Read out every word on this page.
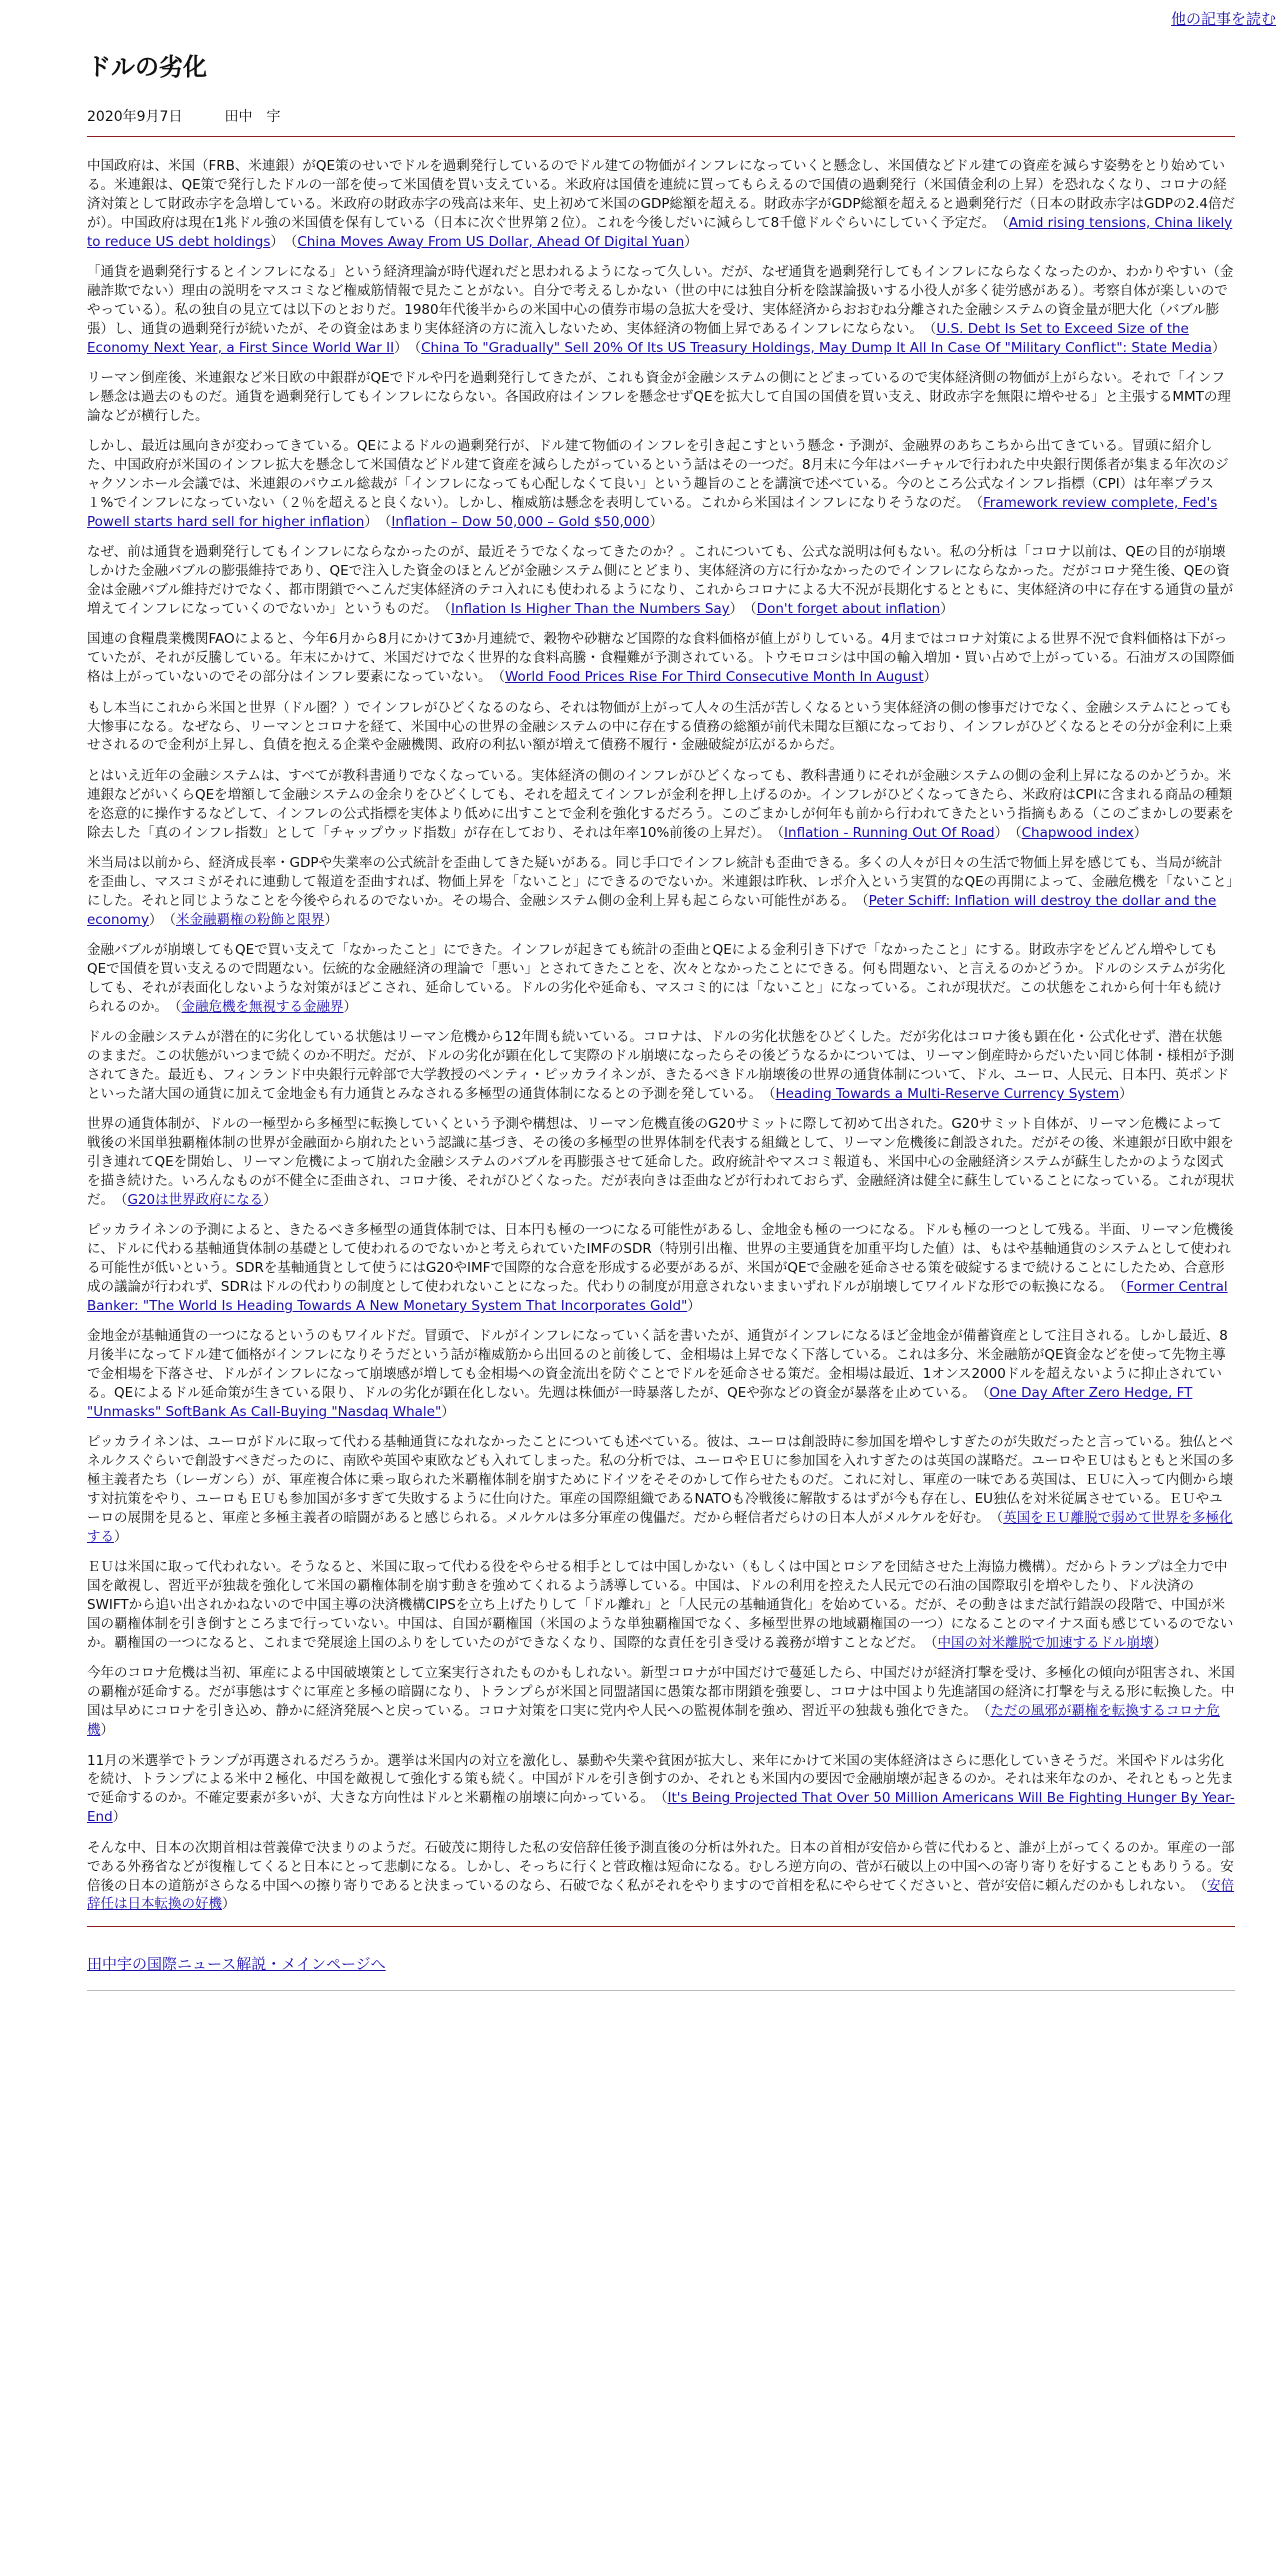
他の記事を読む
ドルの劣化
2020年9月7日　　　	田中　宇

中国政府は、米国（FRB、米連銀）がQE策のせいでドルを過剰発行しているのでドル建ての物価がインフレになっていくと懸念し、米国債などドル建ての資産を減らす姿勢をとり始めている。米連銀は、QE策で発行したドルの一部を使って米国債を買い支えている。米政府は国債を連続に買ってもらえるので国債の過剰発行（米国債金利の上昇）を恐れなくなり、コロナの経済対策として財政赤字を急増している。米政府の財政赤字の残高は来年、史上初めて米国のGDP総額を超える。財政赤字がGDP総額を超えると過剰発行だ（日本の財政赤字はGDPの2.4倍だが）。中国政府は現在1兆ドル強の米国債を保有している（日本に次ぐ世界第２位）。これを今後しだいに減らして8千億ドルぐらいにしていく予定だ。　（Amid rising tensions, China likely to reduce US debt holdings）　 （China Moves Away From US Dollar, Ahead Of Digital Yuan）

「通貨を過剰発行するとインフレになる」という経済理論が時代遅れだと思われるようになって久しい。だが、なぜ通貨を過剰発行してもインフレにならなくなったのか、わかりやすい（金融詐欺でない）理由の説明をマスコミなど権威筋情報で見たことがない。自分で考えるしかない（世の中には独自分析を陰謀論扱いする小役人が多く徒労感がある）。考察自体が楽しいのでやっている）。私の独自の見立ては以下のとおりだ。1980年代後半からの米国中心の債券市場の急拡大を受け、実体経済からおおむね分離された金融システムの資金量が肥大化（バブル膨張）し、通貨の過剰発行が続いたが、その資金はあまり実体経済の方に流入しないため、実体経済の物価上昇であるインフレにならない。　（U.S. Debt Is Set to Exceed Size of the Economy Next Year, a First Since World War II）　 （China To "Gradually" Sell 20% Of Its US Treasury Holdings, May Dump It All In Case Of "Military Conflict": State Media）

リーマン倒産後、米連銀など米日欧の中銀群がQEでドルや円を過剰発行してきたが、これも資金が金融システムの側にとどまっているので実体経済側の物価が上がらない。それで「インフレ懸念は過去のものだ。通貨を過剰発行してもインフレにならない。各国政府はインフレを懸念せずQEを拡大して自国の国債を買い支え、財政赤字を無限に増やせる」と主張するMMTの理論などが横行した。

しかし、最近は風向きが変わってきている。QEによるドルの過剰発行が、ドル建て物価のインフレを引き起こすという懸念・予測が、金融界のあちこちから出てきている。冒頭に紹介した、中国政府が米国のインフレ拡大を懸念して米国債などドル建て資産を減らしたがっているという話はその一つだ。8月末に今年はバーチャルで行われた中央銀行関係者が集まる年次のジャクソンホール会議では、米連銀のパウエル総裁が「インフレになっても心配しなくて良い」という趣旨のことを講演で述べている。今のところ公式なインフレ指標（CPI）は年率プラス１%でインフレになっていない（２％を超えると良くない）。しかし、権威筋は懸念を表明している。これから米国はインフレになりそうなのだ。　（Framework review complete, Fed's Powell starts hard sell for higher inflation）　 （Inflation – Dow 50,000 – Gold $50,000）

なぜ、前は通貨を過剰発行してもインフレにならなかったのが、最近そうでなくなってきたのか？。これについても、公式な説明は何もない。私の分析は「コロナ以前は、QEの目的が崩壊しかけた金融バブルの膨張維持であり、QEで注入した資金のほとんどが金融システム側にとどまり、実体経済の方に行かなかったのでインフレにならなかった。だがコロナ発生後、QEの資金は金融バブル維持だけでなく、都市閉鎖でへこんだ実体経済のテコ入れにも使われるようになり、これからコロナによる大不況が長期化するとともに、実体経済の中に存在する通貨の量が増えてインフレになっていくのでないか」というものだ。　（Inflation Is Higher Than the Numbers Say）　 （Don't forget about inflation）

国連の食糧農業機関FAOによると、今年6月から8月にかけて3か月連続で、穀物や砂糖など国際的な食料価格が値上がりしている。4月まではコロナ対策による世界不況で食料価格は下がっていたが、それが反騰している。年末にかけて、米国だけでなく世界的な食料高騰・食糧難が予測されている。トウモロコシは中国の輸入増加・買い占めで上がっている。石油ガスの国際価格は上がっていないのでその部分はインフレ要素になっていない。　（World Food Prices Rise For Third Consecutive Month In August）

もし本当にこれから米国と世界（ドル圏？）でインフレがひどくなるのなら、それは物価が上がって人々の生活が苦しくなるという実体経済の側の惨事だけでなく、金融システムにとっても大惨事になる。なぜなら、リーマンとコロナを経て、米国中心の世界の金融システムの中に存在する債務の総額が前代未聞な巨額になっており、インフレがひどくなるとその分が金利に上乗せされるので金利が上昇し、負債を抱える企業や金融機関、政府の利払い額が増えて債務不履行・金融破綻が広がるからだ。

とはいえ近年の金融システムは、すべてが教科書通りでなくなっている。実体経済の側のインフレがひどくなっても、教科書通りにそれが金融システムの側の金利上昇になるのかどうか。米連銀などがいくらQEを増額して金融システムの金余りをひどくしても、それを超えてインフレが金利を押し上げるのか。インフレがひどくなってきたら、米政府はCPIに含まれる商品の種類を恣意的に操作するなどして、インフレの公式指標を実体より低めに出すことで金利を強化するだろう。このごまかしが何年も前から行われてきたという指摘もある（このごまかしの要素を除去した「真のインフレ指数」として「チャップウッド指数」が存在しており、それは年率10%前後の上昇だ）。　（Inflation - Running Out Of Road）　 （Chapwood index）

米当局は以前から、経済成長率・GDPや失業率の公式統計を歪曲してきた疑いがある。同じ手口でインフレ統計も歪曲できる。多くの人々が日々の生活で物価上昇を感じても、当局が統計を歪曲し、マスコミがそれに連動して報道を歪曲すれば、物価上昇を「ないこと」にできるのでないか。米連銀は昨秋、レポ介入という実質的なQEの再開によって、金融危機を「ないこと」にした。それと同じようなことを今後やられるのでないか。その場合、金融システム側の金利上昇も起こらない可能性がある。　（Peter Schiff: Inflation will destroy the dollar and the economy）　 （米金融覇権の粉飾と限界）

金融バブルが崩壊してもQEで買い支えて「なかったこと」にできた。インフレが起きても統計の歪曲とQEによる金利引き下げで「なかったこと」にする。財政赤字をどんどん増やしてもQEで国債を買い支えるので問題ない。伝統的な金融経済の理論で「悪い」とされてきたことを、次々となかったことにできる。何も問題ない、と言えるのかどうか。ドルのシステムが劣化しても、それが表面化しないような対策がほどこされ、延命している。ドルの劣化や延命も、マスコミ的には「ないこと」になっている。これが現状だ。この状態をこれから何十年も続けられるのか。　（金融危機を無視する金融界）

ドルの金融システムが潜在的に劣化している状態はリーマン危機から12年間も続いている。コロナは、ドルの劣化状態をひどくした。だが劣化はコロナ後も顕在化・公式化せず、潜在状態のままだ。この状態がいつまで続くのか不明だ。だが、ドルの劣化が顕在化して実際のドル崩壊になったらその後どうなるかについては、リーマン倒産時からだいたい同じ体制・様相が予測されてきた。最近も、フィンランド中央銀行元幹部で大学教授のペンティ・ピッカライネンが、きたるべきドル崩壊後の世界の通貨体制について、ドル、ユーロ、人民元、日本円、英ポンドといった諸大国の通貨に加えて金地金も有力通貨とみなされる多極型の通貨体制になるとの予測を発している。　（Heading Towards a Multi-Reserve Currency System）

世界の通貨体制が、ドルの一極型から多極型に転換していくという予測や構想は、リーマン危機直後のG20サミットに際して初めて出された。G20サミット自体が、リーマン危機によって戦後の米国単独覇権体制の世界が金融面から崩れたという認識に基づき、その後の多極型の世界体制を代表する組織として、リーマン危機後に創設された。だがその後、米連銀が日欧中銀を引き連れてQEを開始し、リーマン危機によって崩れた金融システムのバブルを再膨張させて延命した。政府統計やマスコミ報道も、米国中心の金融経済システムが蘇生したかのような図式を描き続けた。いろんなものが不健全に歪曲され、コロナ後、それがひどくなった。だが表向きは歪曲などが行われておらず、金融経済は健全に蘇生していることになっている。これが現状だ。　（G20は世界政府になる）

ピッカライネンの予測によると、きたるべき多極型の通貨体制では、日本円も極の一つになる可能性があるし、金地金も極の一つになる。ドルも極の一つとして残る。半面、リーマン危機後に、ドルに代わる基軸通貨体制の基礎として使われるのでないかと考えられていたIMFのSDR（特別引出権、世界の主要通貨を加重平均した値）は、もはや基軸通貨のシステムとして使われる可能性が低いという。SDRを基軸通貨として使うにはG20やIMFで国際的な合意を形成する必要があるが、米国がQEで金融を延命させる策を破綻するまで続けることにしたため、合意形成の議論が行われず、SDRはドルの代わりの制度として使われないことになった。代わりの制度が用意されないままいずれドルが崩壊してワイルドな形での転換になる。　（Former Central Banker: "The World Is Heading Towards A New Monetary System That Incorporates Gold"）

金地金が基軸通貨の一つになるというのもワイルドだ。冒頭で、ドルがインフレになっていく話を書いたが、通貨がインフレになるほど金地金が備蓄資産として注目される。しかし最近、8月後半になってドル建て価格がインフレになりそうだという話が権威筋から出回るのと前後して、金相場は上昇でなく下落している。これは多分、米金融筋がQE資金などを使って先物主導で金相場を下落させ、ドルがインフレになって崩壊感が増しても金相場への資金流出を防ぐことでドルを延命させる策だ。金相場は最近、1オンス2000ドルを超えないように抑止されている。QEによるドル延命策が生きている限り、ドルの劣化が顕在化しない。先週は株価が一時暴落したが、QEや弥などの資金が暴落を止めている。　（One Day After Zero Hedge, FT "Unmasks" SoftBank As Call-Buying "Nasdaq Whale"）

ピッカライネンは、ユーロがドルに取って代わる基軸通貨になれなかったことについても述べている。彼は、ユーロは創設時に参加国を増やしすぎたのが失敗だったと言っている。独仏とベネルクスぐらいで創設すべきだったのに、南欧や英国や東欧なども入れてしまった。私の分析では、ユーロやＥＵに参加国を入れすぎたのは英国の謀略だ。ユーロやＥＵはもともと米国の多極主義者たち（レーガンら）が、軍産複合体に乗っ取られた米覇権体制を崩すためにドイツをそそのかして作らせたものだ。これに対し、軍産の一味である英国は、ＥＵに入って内側から壊す対抗策をやり、ユーロもＥＵも参加国が多すぎて失敗するように仕向けた。軍産の国際組織であるNATOも冷戦後に解散するはずが今も存在し、EU独仏を対米従属させている。ＥＵやユーロの展開を見ると、軍産と多極主義者の暗闘があると感じられる。メルケルは多分軍産の傀儡だ。だから軽信者だらけの日本人がメルケルを好む。　（英国をＥＵ離脱で弱めて世界を多極化する）

ＥＵは米国に取って代われない。そうなると、米国に取って代わる役をやらせる相手としては中国しかない（もしくは中国とロシアを団結させた上海協力機構）。だからトランプは全力で中国を敵視し、習近平が独裁を強化して米国の覇権体制を崩す動きを強めてくれるよう誘導している。中国は、ドルの利用を控えた人民元での石油の国際取引を増やしたり、ドル決済のSWIFTから追い出されかねないので中国主導の決済機構CIPSを立ち上げたりして「ドル離れ」と「人民元の基軸通貨化」を始めている。だが、その動きはまだ試行錯誤の段階で、中国が米国の覇権体制を引き倒すところまで行っていない。中国は、自国が覇権国（米国のような単独覇権国でなく、多極型世界の地域覇権国の一つ）になることのマイナス面も感じているのでないか。覇権国の一つになると、これまで発展途上国のふりをしていたのができなくなり、国際的な責任を引き受ける義務が増すことなどだ。　（中国の対米離脱で加速するドル崩壊）

今年のコロナ危機は当初、軍産による中国破壊策として立案実行されたものかもしれない。新型コロナが中国だけで蔓延したら、中国だけが経済打撃を受け、多極化の傾向が阻害され、米国の覇権が延命する。だが事態はすぐに軍産と多極の暗闘になり、トランプらが米国と同盟諸国に愚策な都市閉鎖を強要し、コロナは中国より先進諸国の経済に打撃を与える形に転換した。中国は早めにコロナを引き込め、静かに経済発展へと戻っている。コロナ対策を口実に党内や人民への監視体制を強め、習近平の独裁も強化できた。　（ただの風邪が覇権を転換するコロナ危機）

11月の米選挙でトランプが再選されるだろうか。選挙は米国内の対立を激化し、暴動や失業や貧困が拡大し、来年にかけて米国の実体経済はさらに悪化していきそうだ。米国やドルは劣化を続け、トランプによる米中２極化、中国を敵視して強化する策も続く。中国がドルを引き倒すのか、それとも米国内の要因で金融崩壊が起きるのか。それは来年なのか、それともっと先まで延命するのか。不確定要素が多いが、大きな方向性はドルと米覇権の崩壊に向かっている。　（It's Being Projected That Over 50 Million Americans Will Be Fighting Hunger By Year-End）

そんな中、日本の次期首相は菅義偉で決まりのようだ。石破茂に期待した私の安倍辞任後予測直後の分析は外れた。日本の首相が安倍から菅に代わると、誰が上がってくるのか。軍産の一部である外務省などが復権してくると日本にとって悲劇になる。しかし、そっちに行くと菅政権は短命になる。むしろ逆方向の、菅が石破以上の中国への寄り寄りを好することもありうる。安倍後の日本の道筋がさらなる中国への擦り寄りであると決まっているのなら、石破でなく私がそれをやりますので首相を私にやらせてくださいと、菅が安倍に頼んだのかもしれない。　（安倍辞任は日本転換の好機）

田中宇の国際ニュース解説・メインページへ
